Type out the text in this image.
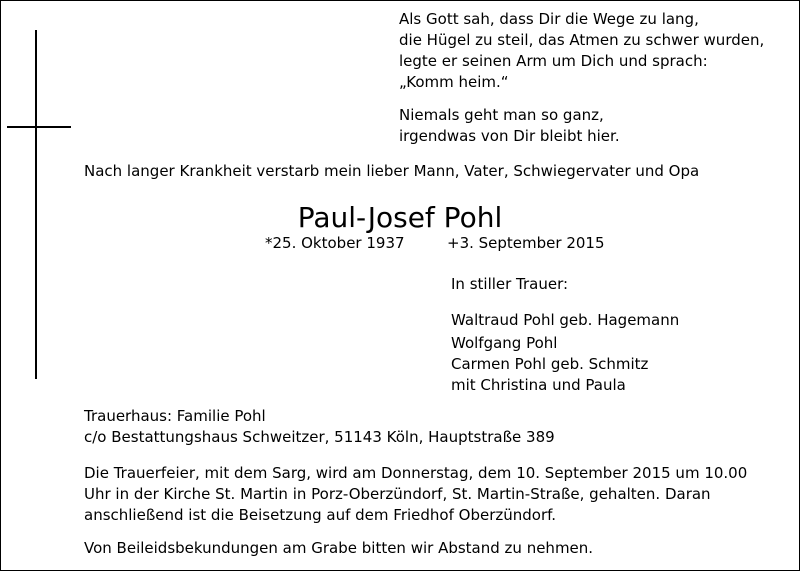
Als Gott sah, dass Dir die Wege zu lang,
die Hügel zu steil, das Atmen zu schwer wurden,
legte er seinen Arm um Dich und sprach:
„Komm heim.“
Niemals geht man so ganz,
irgendwas von Dir bleibt hier.
Nach langer Krankheit verstarb mein lieber Mann, Vater, Schwiegervater und Opa
Paul-Josef Pohl
*25. Oktober 1937	+3. September 2015
In stiller Trauer:
Waltraud Pohl geb. Hagemann
Wolfgang Pohl
Carmen Pohl geb. Schmitz
mit Christina und Paula
Trauerhaus: Familie Pohl
c/o Bestattungshaus Schweitzer, 51143 Köln, Hauptstraße 389
Die Trauerfeier, mit dem Sarg, wird am Donnerstag, dem 10. September 2015 um 10.00
Uhr in der Kirche St. Martin in Porz-Oberzündorf, St. Martin-Straße, gehalten. Daran
anschließend ist die Beisetzung auf dem Friedhof Oberzündorf.
Von Beileidsbekundungen am Grabe bitten wir Abstand zu nehmen.
